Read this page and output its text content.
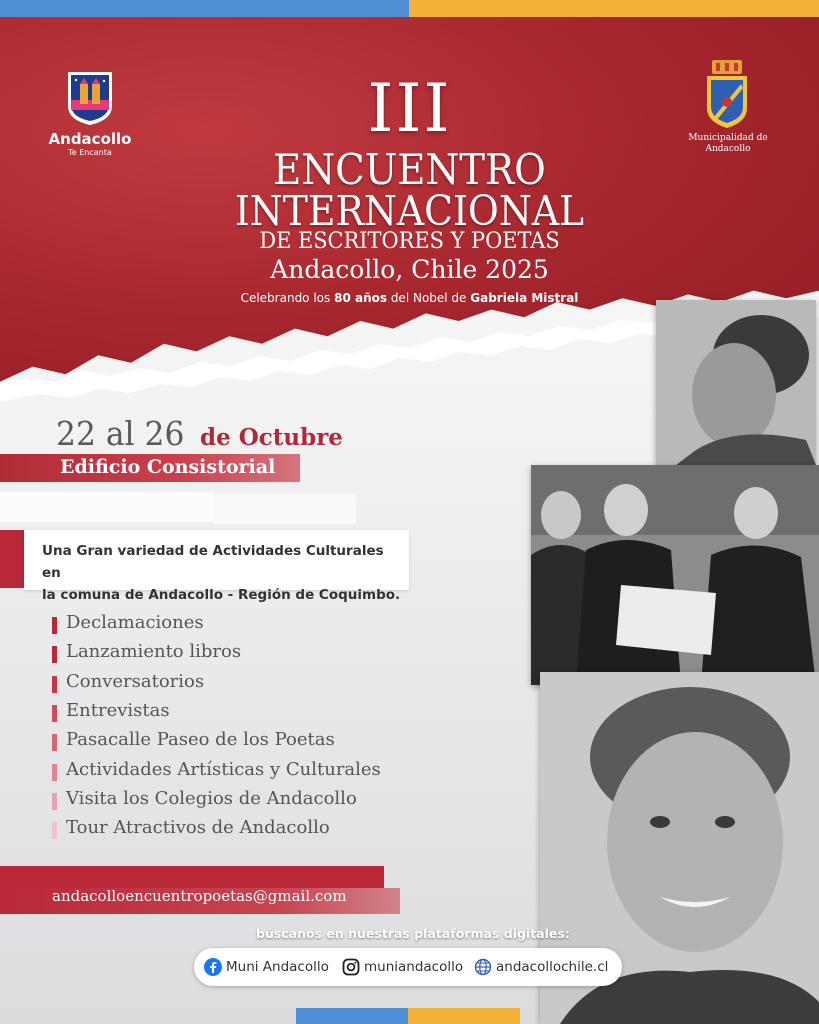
Andacollo
Te Encanta
Municipalidad de
Andacollo
III
ENCUENTRO
INTERNACIONAL
DE ESCRITORES Y POETAS
Andacollo, Chile 2025
Celebrando los 80 años del Nobel de Gabriela Mistral
22 al 26 de Octubre
Edificio Consistorial
Una Gran variedad de Actividades Culturales en
la comuna de Andacollo - Región de Coquimbo.
Declamaciones
Lanzamiento libros
Conversatorios
Entrevistas
Pasacalle Paseo de los Poetas
Actividades Artísticas y Culturales
Visita los Colegios de Andacollo
Tour Atractivos de Andacollo
andacolloencuentropoetas@gmail.com
búscanos en nuestras plataformas digitales:
Muni Andacollo	muniandacollo andacollochile.cl
